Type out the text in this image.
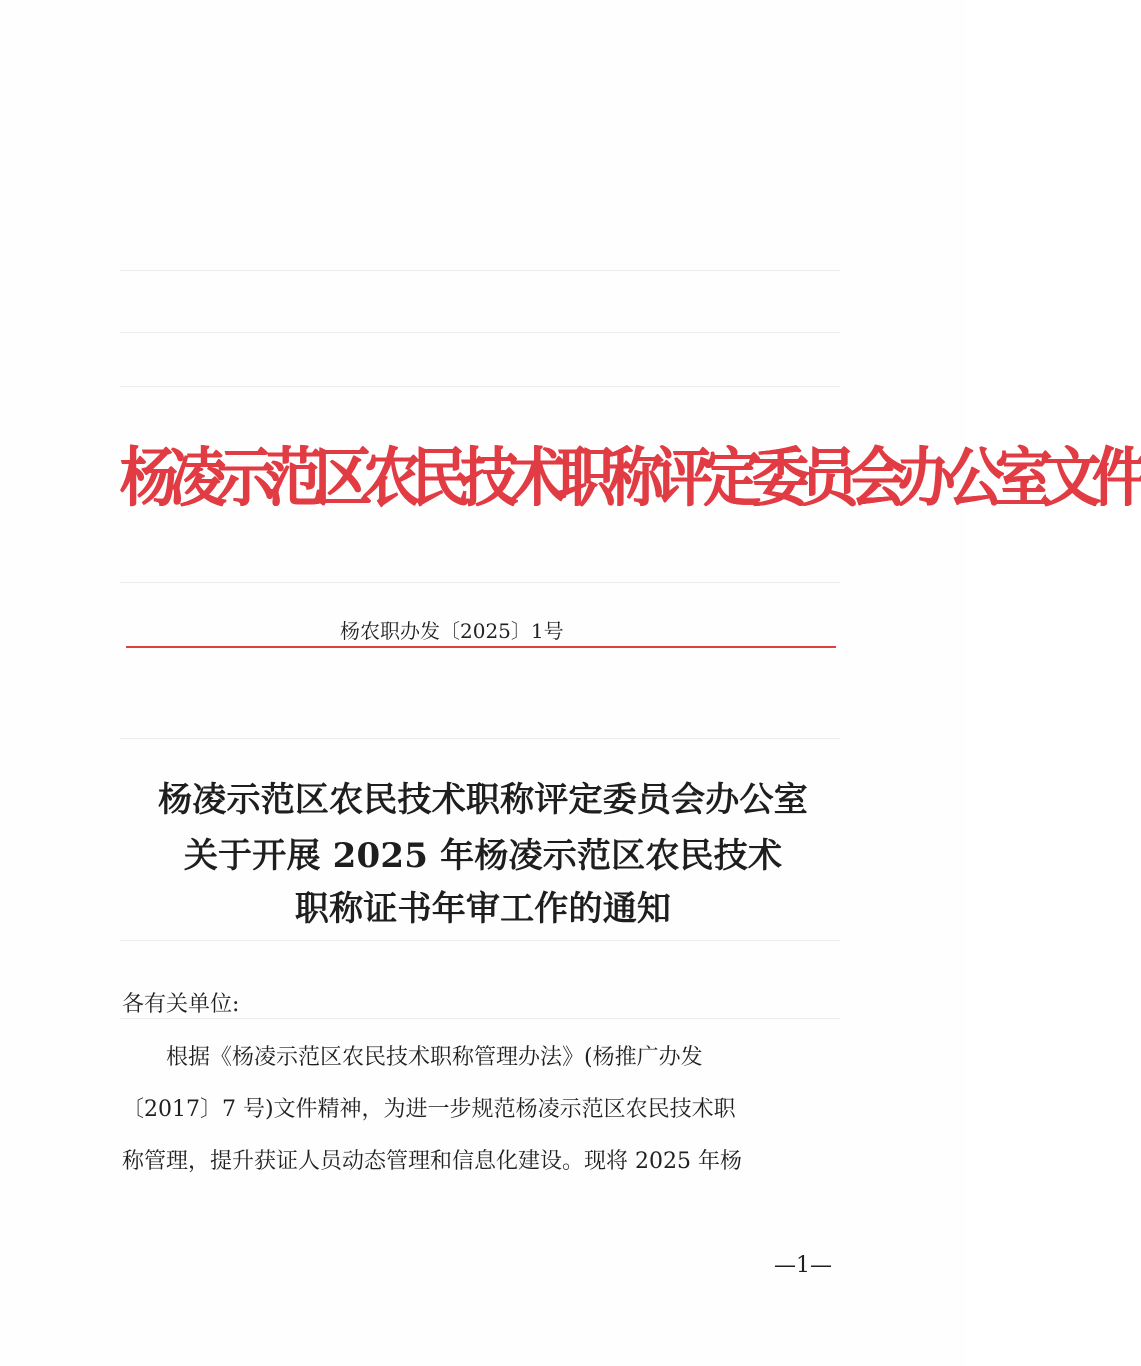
杨凌示范区农民技术职称评定委员会办公室文件
杨农职办发〔2025〕1号
杨凌示范区农民技术职称评定委员会办公室
关于开展 2025 年杨凌示范区农民技术
职称证书年审工作的通知
各有关单位:
根据《杨凌示范区农民技术职称管理办法》(杨推广办发
〔2017〕7 号)文件精神，为进一步规范杨凌示范区农民技术职
称管理，提升获证人员动态管理和信息化建设。现将 2025 年杨
—1—
